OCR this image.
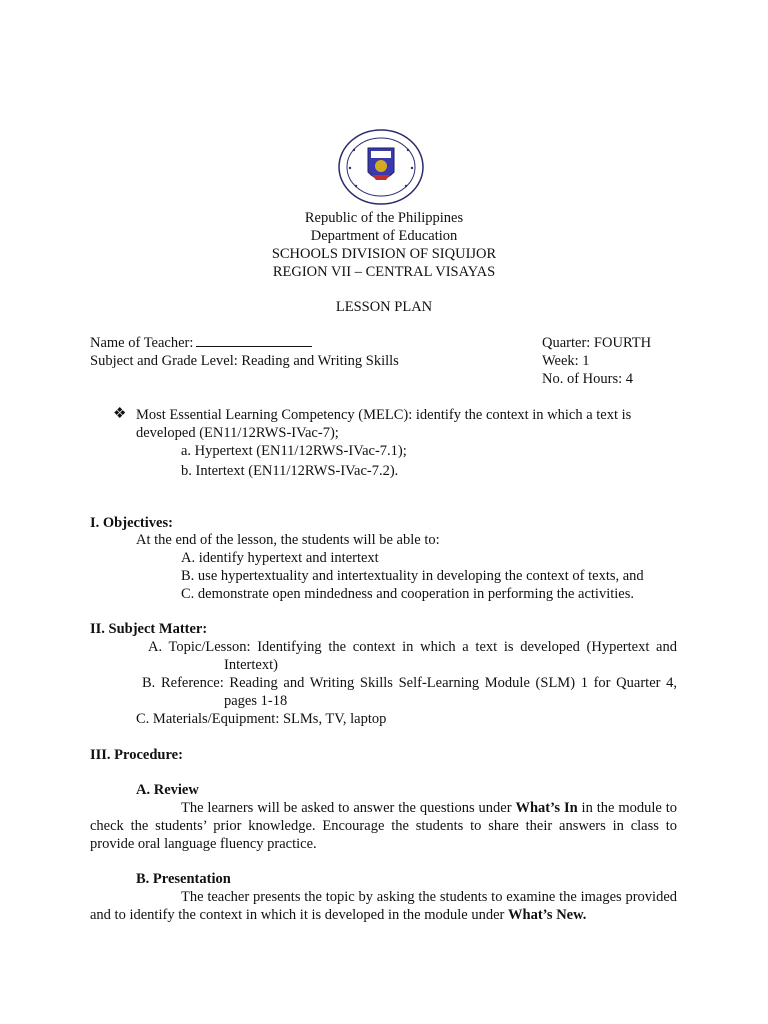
Republic of the Philippines
Department of Education
SCHOOLS DIVISION OF SIQUIJOR
REGION VII – CENTRAL VISAYAS
LESSON PLAN
Name of Teacher:
Subject and Grade Level: Reading and Writing Skills
Quarter: FOURTH
Week: 1
No. of Hours: 4
❖ Most Essential Learning Competency (MELC): identify the context in which a text is
developed (EN11/12RWS-IVac-7);
a. Hypertext (EN11/12RWS-IVac-7.1);
b. Intertext (EN11/12RWS-IVac-7.2).
I. Objectives:
At the end of the lesson, the students will be able to:
A. identify hypertext and intertext
B. use hypertextuality and intertextuality in developing the context of texts, and
C. demonstrate open mindedness and cooperation in performing the activities.
II. Subject Matter:
A. Topic/Lesson: Identifying the context in which a text is developed (Hypertext and
Intertext)
B. Reference: Reading and Writing Skills Self-Learning Module (SLM) 1 for Quarter 4,
pages 1-18
C. Materials/Equipment: SLMs, TV, laptop
III. Procedure:
A. Review
The learners will be asked to answer the questions under What’s In in the module to check the students’ prior knowledge. Encourage the students to share their answers in class to provide oral language fluency practice.
B. Presentation
The teacher presents the topic by asking the students to examine the images provided and to identify the context in which it is developed in the module under What’s New.
